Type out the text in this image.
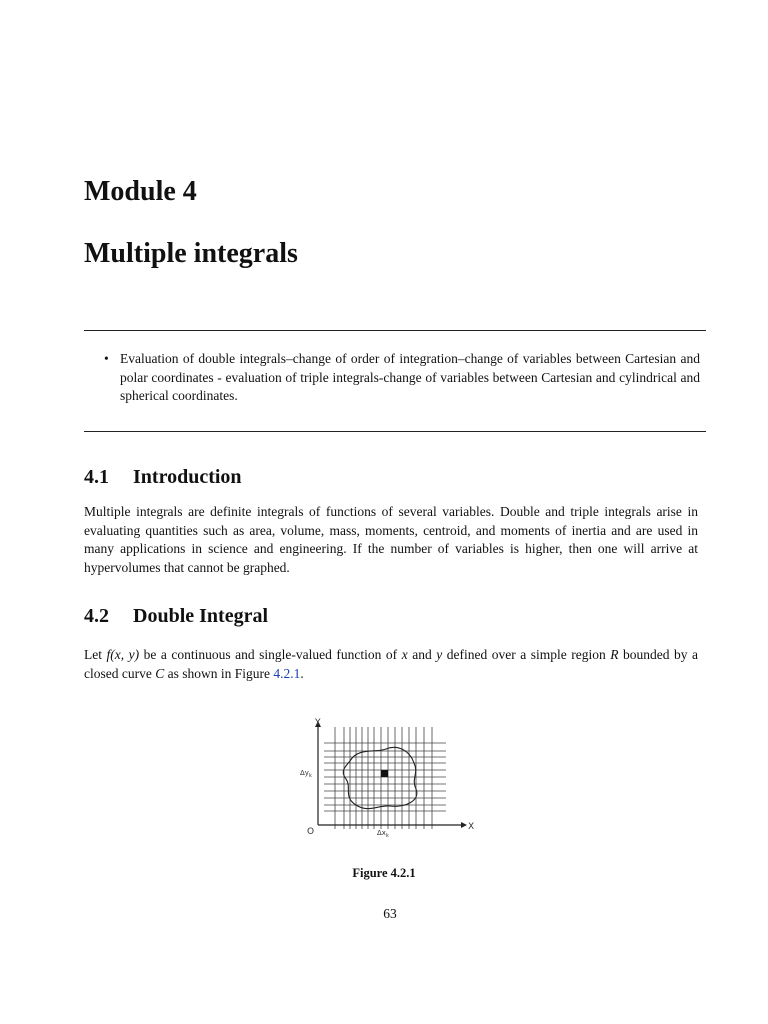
Module 4
Multiple integrals
• Evaluation of double integrals–change of order of integration–change of variables between Cartesian and polar coordinates - evaluation of triple integrals-change of variables between Cartesian and cylindrical and spherical coordinates.
4.1 Introduction
Multiple integrals are definite integrals of functions of several variables. Double and triple integrals arise in evaluating quantities such as area, volume, mass, moments, centroid, and moments of inertia and are used in many applications in science and engineering. If the number of variables is higher, then one will arrive at hypervolumes that cannot be graphed.
4.2 Double Integral
Let f(x, y) be a continuous and single-valued function of x and y defined over a simple region R bounded by a closed curve C as shown in Figure 4.2.1.
Y
X
O
$\Delta y_k$
$\Delta x_k$
Figure 4.2.1
63
